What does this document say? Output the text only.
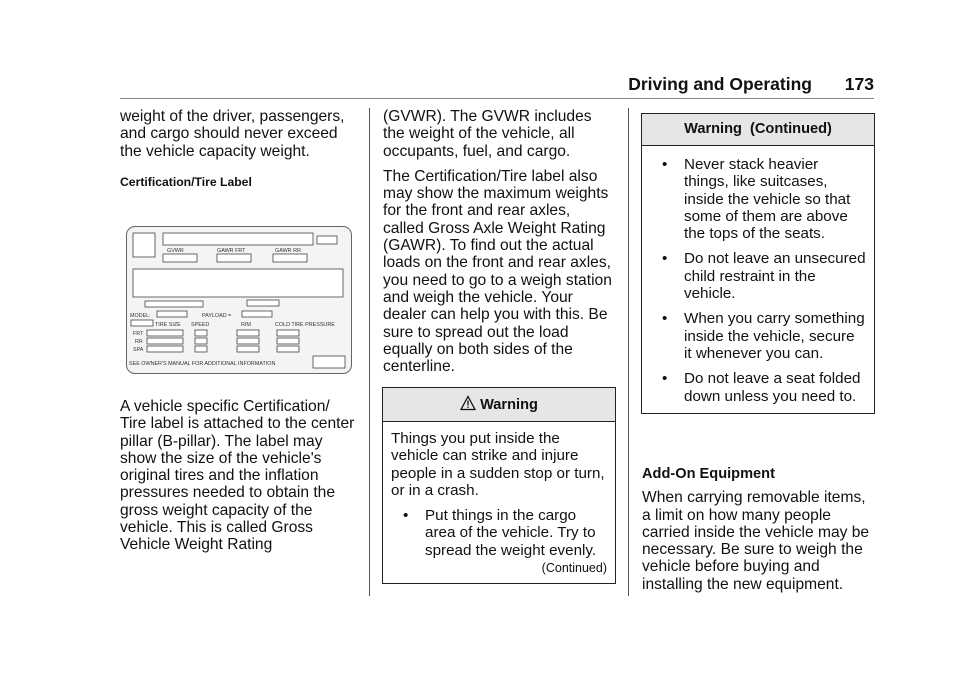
Driving and Operating 173

weight of the driver, passengers, and cargo should never exceed the vehicle capacity weight.

Certification/Tire Label
GVWR	GAWR FRT	GAWR RR
MODEL:	PAYLOAD =
TIRE SIZE SPEED	RIM	COLD TIRE PRESSURE
FRT
RR
SPA
SEE OWNER'S MANUAL FOR ADDITIONAL INFORMATION

A vehicle specific Certification/ Tire label is attached to the center pillar (B-pillar). The label may show the size of the vehicle's original tires and the inflation pressures needed to obtain the gross weight capacity of the vehicle. This is called Gross Vehicle Weight Rating

(GVWR). The GVWR includes the weight of the vehicle, all occupants, fuel, and cargo.

The Certification/Tire label also may show the maximum weights for the front and rear axles, called Gross Axle Weight Rating (GAWR). To find out the actual loads on the front and rear axles, you need to go to a weigh station and weigh the vehicle. Your dealer can help you with this. Be sure to spread out the load equally on both sides of the centerline.

Warning
Things you put inside the vehicle can strike and injure people in a sudden stop or turn, or in a crash.
• Put things in the cargo area of the vehicle. Try to spread the weight evenly.
(Continued)
Warning  (Continued)
• Never stack heavier things, like suitcases, inside the vehicle so that some of them are above the tops of the seats.
• Do not leave an unsecured child restraint in the vehicle.
• When you carry something inside the vehicle, secure it whenever you can.
• Do not leave a seat folded down unless you need to.
Add-On Equipment

When carrying removable items, a limit on how many people carried inside the vehicle may be necessary. Be sure to weigh the vehicle before buying and installing the new equipment.
